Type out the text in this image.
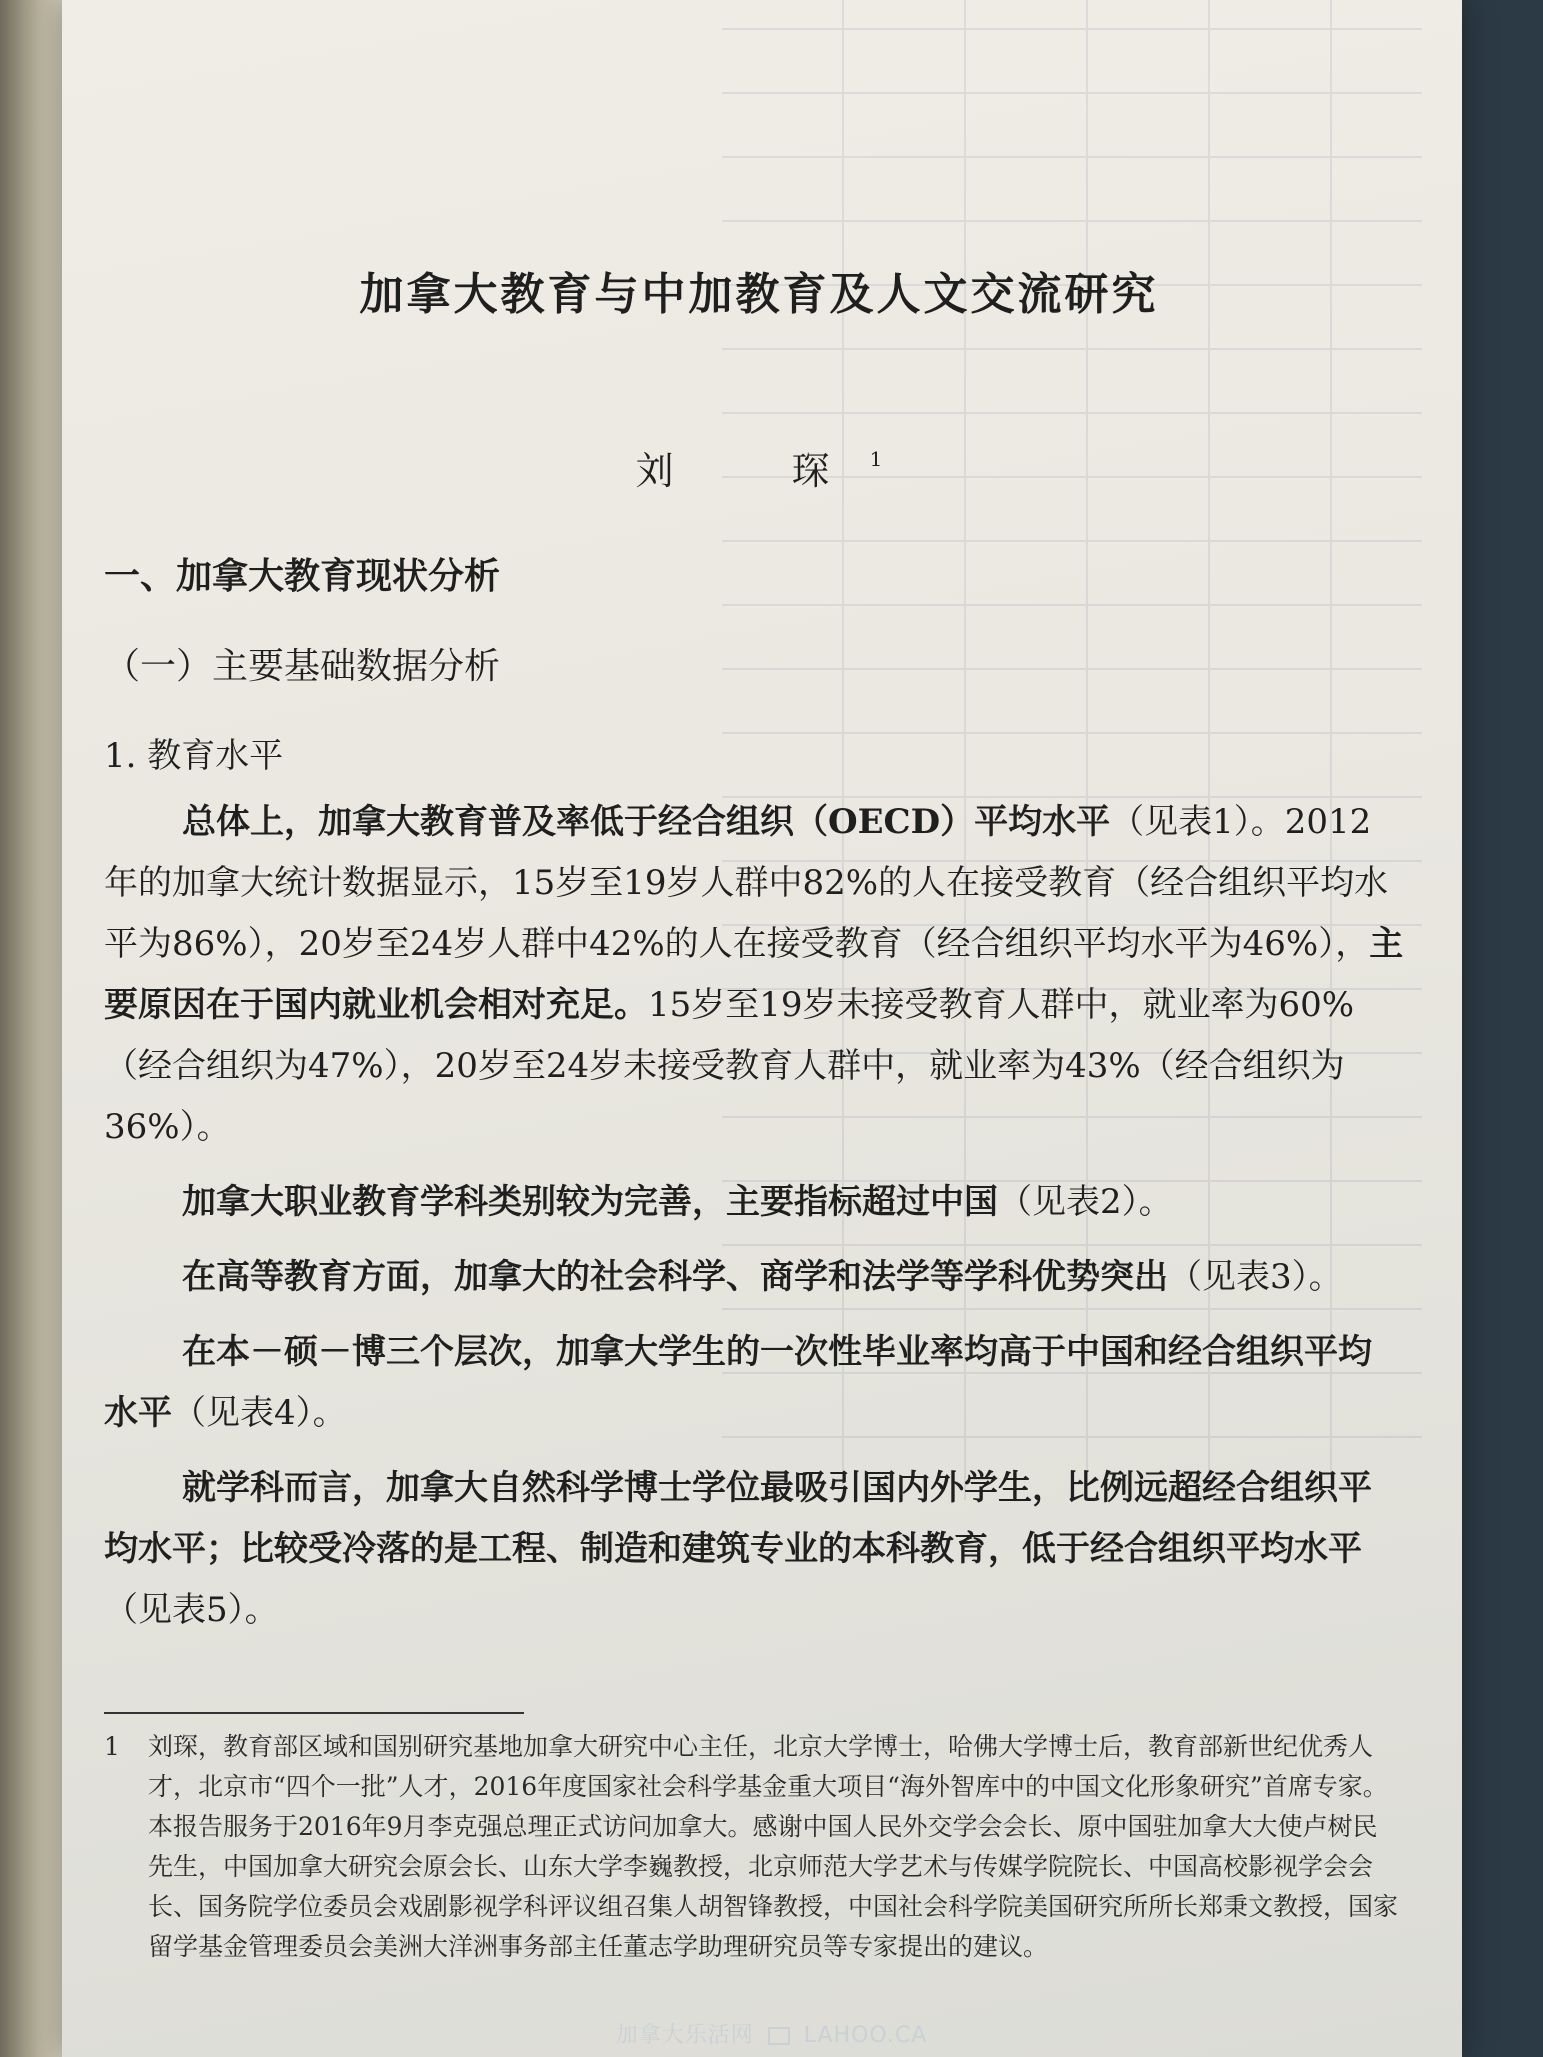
加拿大教育与中加教育及人文交流研究
刘　琛$^1$
一、加拿大教育现状分析
（一）主要基础数据分析
1. 教育水平

总体上，加拿大教育普及率低于经合组织（OECD）平均水平（见表1）。2012年的加拿大统计数据显示，15岁至19岁人群中82%的人在接受教育（经合组织平均水平为86%），20岁至24岁人群中42%的人在接受教育（经合组织平均水平为46%），主要原因在于国内就业机会相对充足。15岁至19岁未接受教育人群中，就业率为60%（经合组织为47%），20岁至24岁未接受教育人群中，就业率为43%（经合组织为36%）。

加拿大职业教育学科类别较为完善，主要指标超过中国（见表2）。

在高等教育方面，加拿大的社会科学、商学和法学等学科优势突出（见表3）。

在本－硕－博三个层次，加拿大学生的一次性毕业率均高于中国和经合组织平均水平（见表4）。

就学科而言，加拿大自然科学博士学位最吸引国内外学生，比例远超经合组织平均水平；比较受冷落的是工程、制造和建筑专业的本科教育，低于经合组织平均水平（见表5）。

1 刘琛，教育部区域和国别研究基地加拿大研究中心主任，北京大学博士，哈佛大学博士后，教育部新世纪优秀人才，北京市“四个一批”人才，2016年度国家社会科学基金重大项目“海外智库中的中国文化形象研究”首席专家。本报告服务于2016年9月李克强总理正式访问加拿大。感谢中国人民外交学会会长、原中国驻加拿大大使卢树民先生，中国加拿大研究会原会长、山东大学李巍教授，北京师范大学艺术与传媒学院院长、中国高校影视学会会长、国务院学位委员会戏剧影视学科评议组召集人胡智锋教授，中国社会科学院美国研究所所长郑秉文教授，国家留学基金管理委员会美洲大洋洲事务部主任董志学助理研究员等专家提出的建议。
加拿大乐活网 LAHOO.CA
